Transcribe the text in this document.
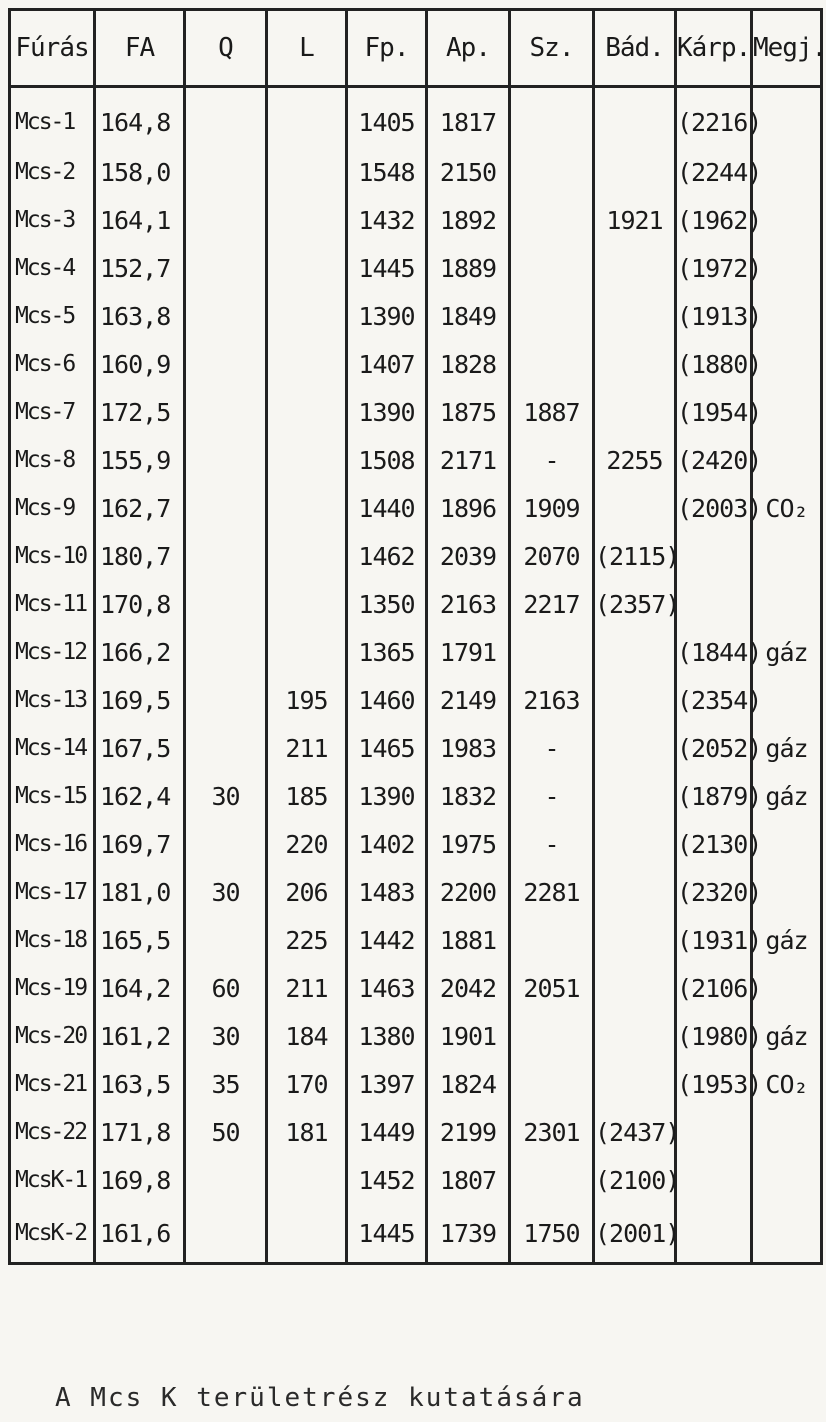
Fúrás	FA	Q	L	Fp.	Ap.	Sz.	Bád.	Kárp.	Megj.
Mcs-1	164,8			1405	1817			(2216)	
Mcs-2	158,0			1548	2150			(2244)	
Mcs-3	164,1			1432	1892		1921	(1962)	
Mcs-4	152,7			1445	1889			(1972)	
Mcs-5	163,8			1390	1849			(1913)	
Mcs-6	160,9			1407	1828			(1880)	
Mcs-7	172,5			1390	1875	1887		(1954)	
Mcs-8	155,9			1508	2171	-	2255	(2420)	
Mcs-9	162,7			1440	1896	1909		(2003)	CO₂
Mcs-10	180,7			1462	2039	2070	(2115)		
Mcs-11	170,8			1350	2163	2217	(2357)		
Mcs-12	166,2			1365	1791			(1844)	gáz
Mcs-13	169,5		195	1460	2149	2163		(2354)	
Mcs-14	167,5		211	1465	1983	-		(2052)	gáz
Mcs-15	162,4	30	185	1390	1832	-		(1879)	gáz
Mcs-16	169,7		220	1402	1975	-		(2130)	
Mcs-17	181,0	30	206	1483	2200	2281		(2320)	
Mcs-18	165,5		225	1442	1881			(1931)	gáz
Mcs-19	164,2	60	211	1463	2042	2051		(2106)	
Mcs-20	161,2	30	184	1380	1901			(1980)	gáz
Mcs-21	163,5	35	170	1397	1824			(1953)	CO₂
Mcs-22	171,8	50	181	1449	2199	2301	(2437)		
McsK-1	169,8			1452	1807		(2100)		
McsK-2	161,6			1445	1739	1750	(2001)		
A Mcs K területrész kutatására
